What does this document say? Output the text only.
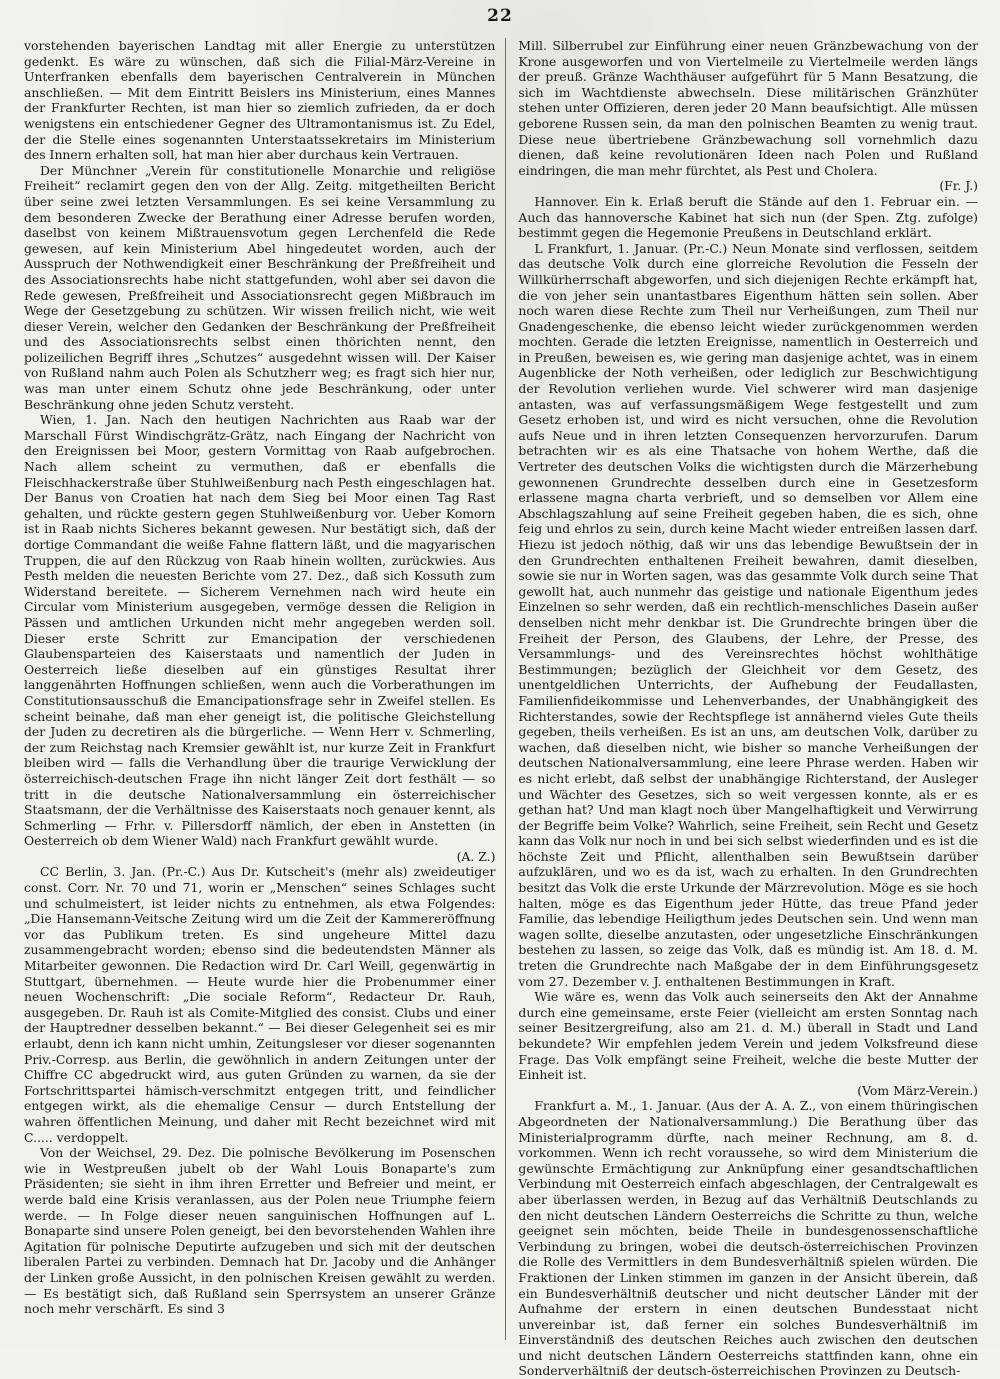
22

vorstehenden bayerischen Landtag mit aller Energie zu unterstützen gedenkt. Es wäre zu wünschen, daß sich die Filial-März-Vereine in Unterfranken ebenfalls dem bayerischen Centralverein in München anschließen. — Mit dem Eintritt Beislers ins Ministerium, eines Mannes der Frankfurter Rechten, ist man hier so ziemlich zufrieden, da er doch wenigstens ein entschiedener Gegner des Ultramontanismus ist. Zu Edel, der die Stelle eines sogenannten Unterstaatssekretairs im Ministerium des Innern erhalten soll, hat man hier aber durchaus kein Vertrauen.

Der Münchner „Verein für constitutionelle Monarchie und religiöse Freiheit“ reclamirt gegen den von der Allg. Zeitg. mitgetheilten Bericht über seine zwei letzten Versammlungen. Es sei keine Versammlung zu dem besonderen Zwecke der Berathung einer Adresse berufen worden, daselbst von keinem Mißtrauensvotum gegen Lerchenfeld die Rede gewesen, auf kein Ministerium Abel hingedeutet worden, auch der Ausspruch der Nothwendigkeit einer Beschränkung der Preßfreiheit und des Associationsrechts habe nicht stattgefunden, wohl aber sei davon die Rede gewesen, Preßfreiheit und Associationsrecht gegen Mißbrauch im Wege der Gesetzgebung zu schützen. Wir wissen freilich nicht, wie weit dieser Verein, welcher den Gedanken der Beschränkung der Preßfreiheit und des Associationsrechts selbst einen thörichten nennt, den polizeilichen Begriff ihres „Schutzes“ ausgedehnt wissen will. Der Kaiser von Rußland nahm auch Polen als Schutzherr weg; es fragt sich hier nur, was man unter einem Schutz ohne jede Beschränkung, oder unter Beschränkung ohne jeden Schutz versteht.

Wien, 1. Jan. Nach den heutigen Nachrichten aus Raab war der Marschall Fürst Windischgrätz-Grätz, nach Eingang der Nachricht von den Ereignissen bei Moor, gestern Vormittag von Raab aufgebrochen. Nach allem scheint zu vermuthen, daß er ebenfalls die Fleischhackerstraße über Stuhlweißenburg nach Pesth eingeschlagen hat. Der Banus von Croatien hat nach dem Sieg bei Moor einen Tag Rast gehalten, und rückte gestern gegen Stuhlweißenburg vor. Ueber Komorn ist in Raab nichts Sicheres bekannt gewesen. Nur bestätigt sich, daß der dortige Commandant die weiße Fahne flattern läßt, und die magyarischen Truppen, die auf den Rückzug von Raab hinein wollten, zurückwies. Aus Pesth melden die neuesten Berichte vom 27. Dez., daß sich Kossuth zum Widerstand bereitete. — Sicherem Vernehmen nach wird heute ein Circular vom Ministerium ausgegeben, vermöge dessen die Religion in Pässen und amtlichen Urkunden nicht mehr angegeben werden soll. Dieser erste Schritt zur Emancipation der verschiedenen Glaubensparteien des Kaiserstaats und namentlich der Juden in Oesterreich ließe dieselben auf ein günstiges Resultat ihrer langgenährten Hoffnungen schließen, wenn auch die Vorberathungen im Constitutionsausschuß die Emancipationsfrage sehr in Zweifel stellen. Es scheint beinahe, daß man eher geneigt ist, die politische Gleichstellung der Juden zu decretiren als die bürgerliche. — Wenn Herr v. Schmerling, der zum Reichstag nach Kremsier gewählt ist, nur kurze Zeit in Frankfurt bleiben wird — falls die Verhandlung über die traurige Verwicklung der österreichisch-deutschen Frage ihn nicht länger Zeit dort festhält — so tritt in die deutsche Nationalversammlung ein österreichischer Staatsmann, der die Verhältnisse des Kaiserstaats noch genauer kennt, als Schmerling — Frhr. v. Pillersdorff nämlich, der eben in Anstetten (in Oesterreich ob dem Wiener Wald) nach Frankfurt gewählt wurde.
(A. Z.)

CC Berlin, 3. Jan. (Pr.-C.) Aus Dr. Kutscheit's (mehr als) zweideutiger const. Corr. Nr. 70 und 71, worin er „Menschen“ seines Schlages sucht und schulmeistert, ist leider nichts zu entnehmen, als etwa Folgendes: „Die Hansemann-Veitsche Zeitung wird um die Zeit der Kammereröffnung vor das Publikum treten. Es sind ungeheure Mittel dazu zusammengebracht worden; ebenso sind die bedeutendsten Männer als Mitarbeiter gewonnen. Die Redaction wird Dr. Carl Weill, gegenwärtig in Stuttgart, übernehmen. — Heute wurde hier die Probenummer einer neuen Wochenschrift: „Die sociale Reform“, Redacteur Dr. Rauh, ausgegeben. Dr. Rauh ist als Comite-Mitglied des consist. Clubs und einer der Hauptredner desselben bekannt.“ — Bei dieser Gelegenheit sei es mir erlaubt, denn ich kann nicht umhin, Zeitungsleser vor dieser sogenannten Priv.-Corresp. aus Berlin, die gewöhnlich in andern Zeitungen unter der Chiffre CC abgedruckt wird, aus guten Gründen zu warnen, da sie der Fortschrittspartei hämisch-verschmitzt entgegen tritt, und feindlicher entgegen wirkt, als die ehemalige Censur — durch Entstellung der wahren öffentlichen Meinung, und daher mit Recht bezeichnet wird mit C..... verdoppelt.

Von der Weichsel, 29. Dez. Die polnische Bevölkerung im Posenschen wie in Westpreußen jubelt ob der Wahl Louis Bonaparte's zum Präsidenten; sie sieht in ihm ihren Erretter und Befreier und meint, er werde bald eine Krisis veranlassen, aus der Polen neue Triumphe feiern werde. — In Folge dieser neuen sanguinischen Hoffnungen auf L. Bonaparte sind unsere Polen geneigt, bei den bevorstehenden Wahlen ihre Agitation für polnische Deputirte aufzugeben und sich mit der deutschen liberalen Partei zu verbinden. Demnach hat Dr. Jacoby und die Anhänger der Linken große Aussicht, in den polnischen Kreisen gewählt zu werden. — Es bestätigt sich, daß Rußland sein Sperrsystem an unserer Gränze noch mehr verschärft. Es sind 3

Mill. Silberrubel zur Einführung einer neuen Gränzbewachung von der Krone ausgeworfen und von Viertelmeile zu Viertelmeile werden längs der preuß. Gränze Wachthäuser aufgeführt für 5 Mann Besatzung, die sich im Wachtdienste abwechseln. Diese militärischen Gränzhüter stehen unter Offizieren, deren jeder 20 Mann beaufsichtigt. Alle müssen geborene Russen sein, da man den polnischen Beamten zu wenig traut. Diese neue übertriebene Gränzbewachung soll vornehmlich dazu dienen, daß keine revolutionären Ideen nach Polen und Rußland eindringen, die man mehr fürchtet, als Pest und Cholera.
(Fr. J.)

Hannover. Ein k. Erlaß beruft die Stände auf den 1. Februar ein. — Auch das hannoversche Kabinet hat sich nun (der Spen. Ztg. zufolge) bestimmt gegen die Hegemonie Preußens in Deutschland erklärt.

L Frankfurt, 1. Januar. (Pr.-C.) Neun Monate sind verflossen, seitdem das deutsche Volk durch eine glorreiche Revolution die Fesseln der Willkürherrschaft abgeworfen, und sich diejenigen Rechte erkämpft hat, die von jeher sein unantastbares Eigenthum hätten sein sollen. Aber noch waren diese Rechte zum Theil nur Verheißungen, zum Theil nur Gnadengeschenke, die ebenso leicht wieder zurückgenommen werden mochten. Gerade die letzten Ereignisse, namentlich in Oesterreich und in Preußen, beweisen es, wie gering man dasjenige achtet, was in einem Augenblicke der Noth verheißen, oder lediglich zur Beschwichtigung der Revolution verliehen wurde. Viel schwerer wird man dasjenige antasten, was auf verfassungsmäßigem Wege festgestellt und zum Gesetz erhoben ist, und wird es nicht versuchen, ohne die Revolution aufs Neue und in ihren letzten Consequenzen hervorzurufen. Darum betrachten wir es als eine Thatsache von hohem Werthe, daß die Vertreter des deutschen Volks die wichtigsten durch die Märzerhebung gewonnenen Grundrechte desselben durch eine in Gesetzesform erlassene magna charta verbrieft, und so demselben vor Allem eine Abschlagszahlung auf seine Freiheit gegeben haben, die es sich, ohne feig und ehrlos zu sein, durch keine Macht wieder entreißen lassen darf. Hiezu ist jedoch nöthig, daß wir uns das lebendige Bewußtsein der in den Grundrechten enthaltenen Freiheit bewahren, damit dieselben, sowie sie nur in Worten sagen, was das gesammte Volk durch seine That gewollt hat, auch nunmehr das geistige und nationale Eigenthum jedes Einzelnen so sehr werden, daß ein rechtlich-menschliches Dasein außer denselben nicht mehr denkbar ist. Die Grundrechte bringen über die Freiheit der Person, des Glaubens, der Lehre, der Presse, des Versammlungs- und des Vereinsrechtes höchst wohlthätige Bestimmungen; bezüglich der Gleichheit vor dem Gesetz, des unentgeldlichen Unterrichts, der Aufhebung der Feudallasten, Familienfideikommisse und Lehenverbandes, der Unabhängigkeit des Richterstandes, sowie der Rechtspflege ist annähernd vieles Gute theils gegeben, theils verheißen. Es ist an uns, am deutschen Volk, darüber zu wachen, daß dieselben nicht, wie bisher so manche Verheißungen der deutschen Nationalversammlung, eine leere Phrase werden. Haben wir es nicht erlebt, daß selbst der unabhängige Richterstand, der Ausleger und Wächter des Gesetzes, sich so weit vergessen konnte, als er es gethan hat? Und man klagt noch über Mangelhaftigkeit und Verwirrung der Begriffe beim Volke? Wahrlich, seine Freiheit, sein Recht und Gesetz kann das Volk nur noch in und bei sich selbst wiederfinden und es ist die höchste Zeit und Pflicht, allenthalben sein Bewußtsein darüber aufzuklären, und wo es da ist, wach zu erhalten. In den Grundrechten besitzt das Volk die erste Urkunde der Märzrevolution. Möge es sie hoch halten, möge es das Eigenthum jeder Hütte, das treue Pfand jeder Familie, das lebendige Heiligthum jedes Deutschen sein. Und wenn man wagen sollte, dieselbe anzutasten, oder ungesetzliche Einschränkungen bestehen zu lassen, so zeige das Volk, daß es mündig ist. Am 18. d. M. treten die Grundrechte nach Maßgabe der in dem Einführungsgesetz vom 27. Dezember v. J. enthaltenen Bestimmungen in Kraft.

Wie wäre es, wenn das Volk auch seinerseits den Akt der Annahme durch eine gemeinsame, erste Feier (vielleicht am ersten Sonntag nach seiner Besitzergreifung, also am 21. d. M.) überall in Stadt und Land bekundete? Wir empfehlen jedem Verein und jedem Volksfreund diese Frage. Das Volk empfängt seine Freiheit, welche die beste Mutter der Einheit ist.
(Vom März-Verein.)

Frankfurt a. M., 1. Januar. (Aus der A. A. Z., von einem thüringischen Abgeordneten der Nationalversammlung.) Die Berathung über das Ministerialprogramm dürfte, nach meiner Rechnung, am 8. d. vorkommen. Wenn ich recht voraussehe, so wird dem Ministerium die gewünschte Ermächtigung zur Anknüpfung einer gesandtschaftlichen Verbindung mit Oesterreich einfach abgeschlagen, der Centralgewalt es aber überlassen werden, in Bezug auf das Verhältniß Deutschlands zu den nicht deutschen Ländern Oesterreichs die Schritte zu thun, welche geeignet sein möchten, beide Theile in bundesgenossenschaftliche Verbindung zu bringen, wobei die deutsch-österreichischen Provinzen die Rolle des Vermittlers in dem Bundesverhältniß spielen würden. Die Fraktionen der Linken stimmen im ganzen in der Ansicht überein, daß ein Bundesverhältniß deutscher und nicht deutscher Länder mit der Aufnahme der erstern in einen deutschen Bundesstaat nicht unvereinbar ist, daß ferner ein solches Bundesverhältniß im Einverständniß des deutschen Reiches auch zwischen den deutschen und nicht deutschen Ländern Oesterreichs stattfinden kann, ohne ein Sonderverhältniß der deutsch-österreichischen Provinzen zu Deutsch-
